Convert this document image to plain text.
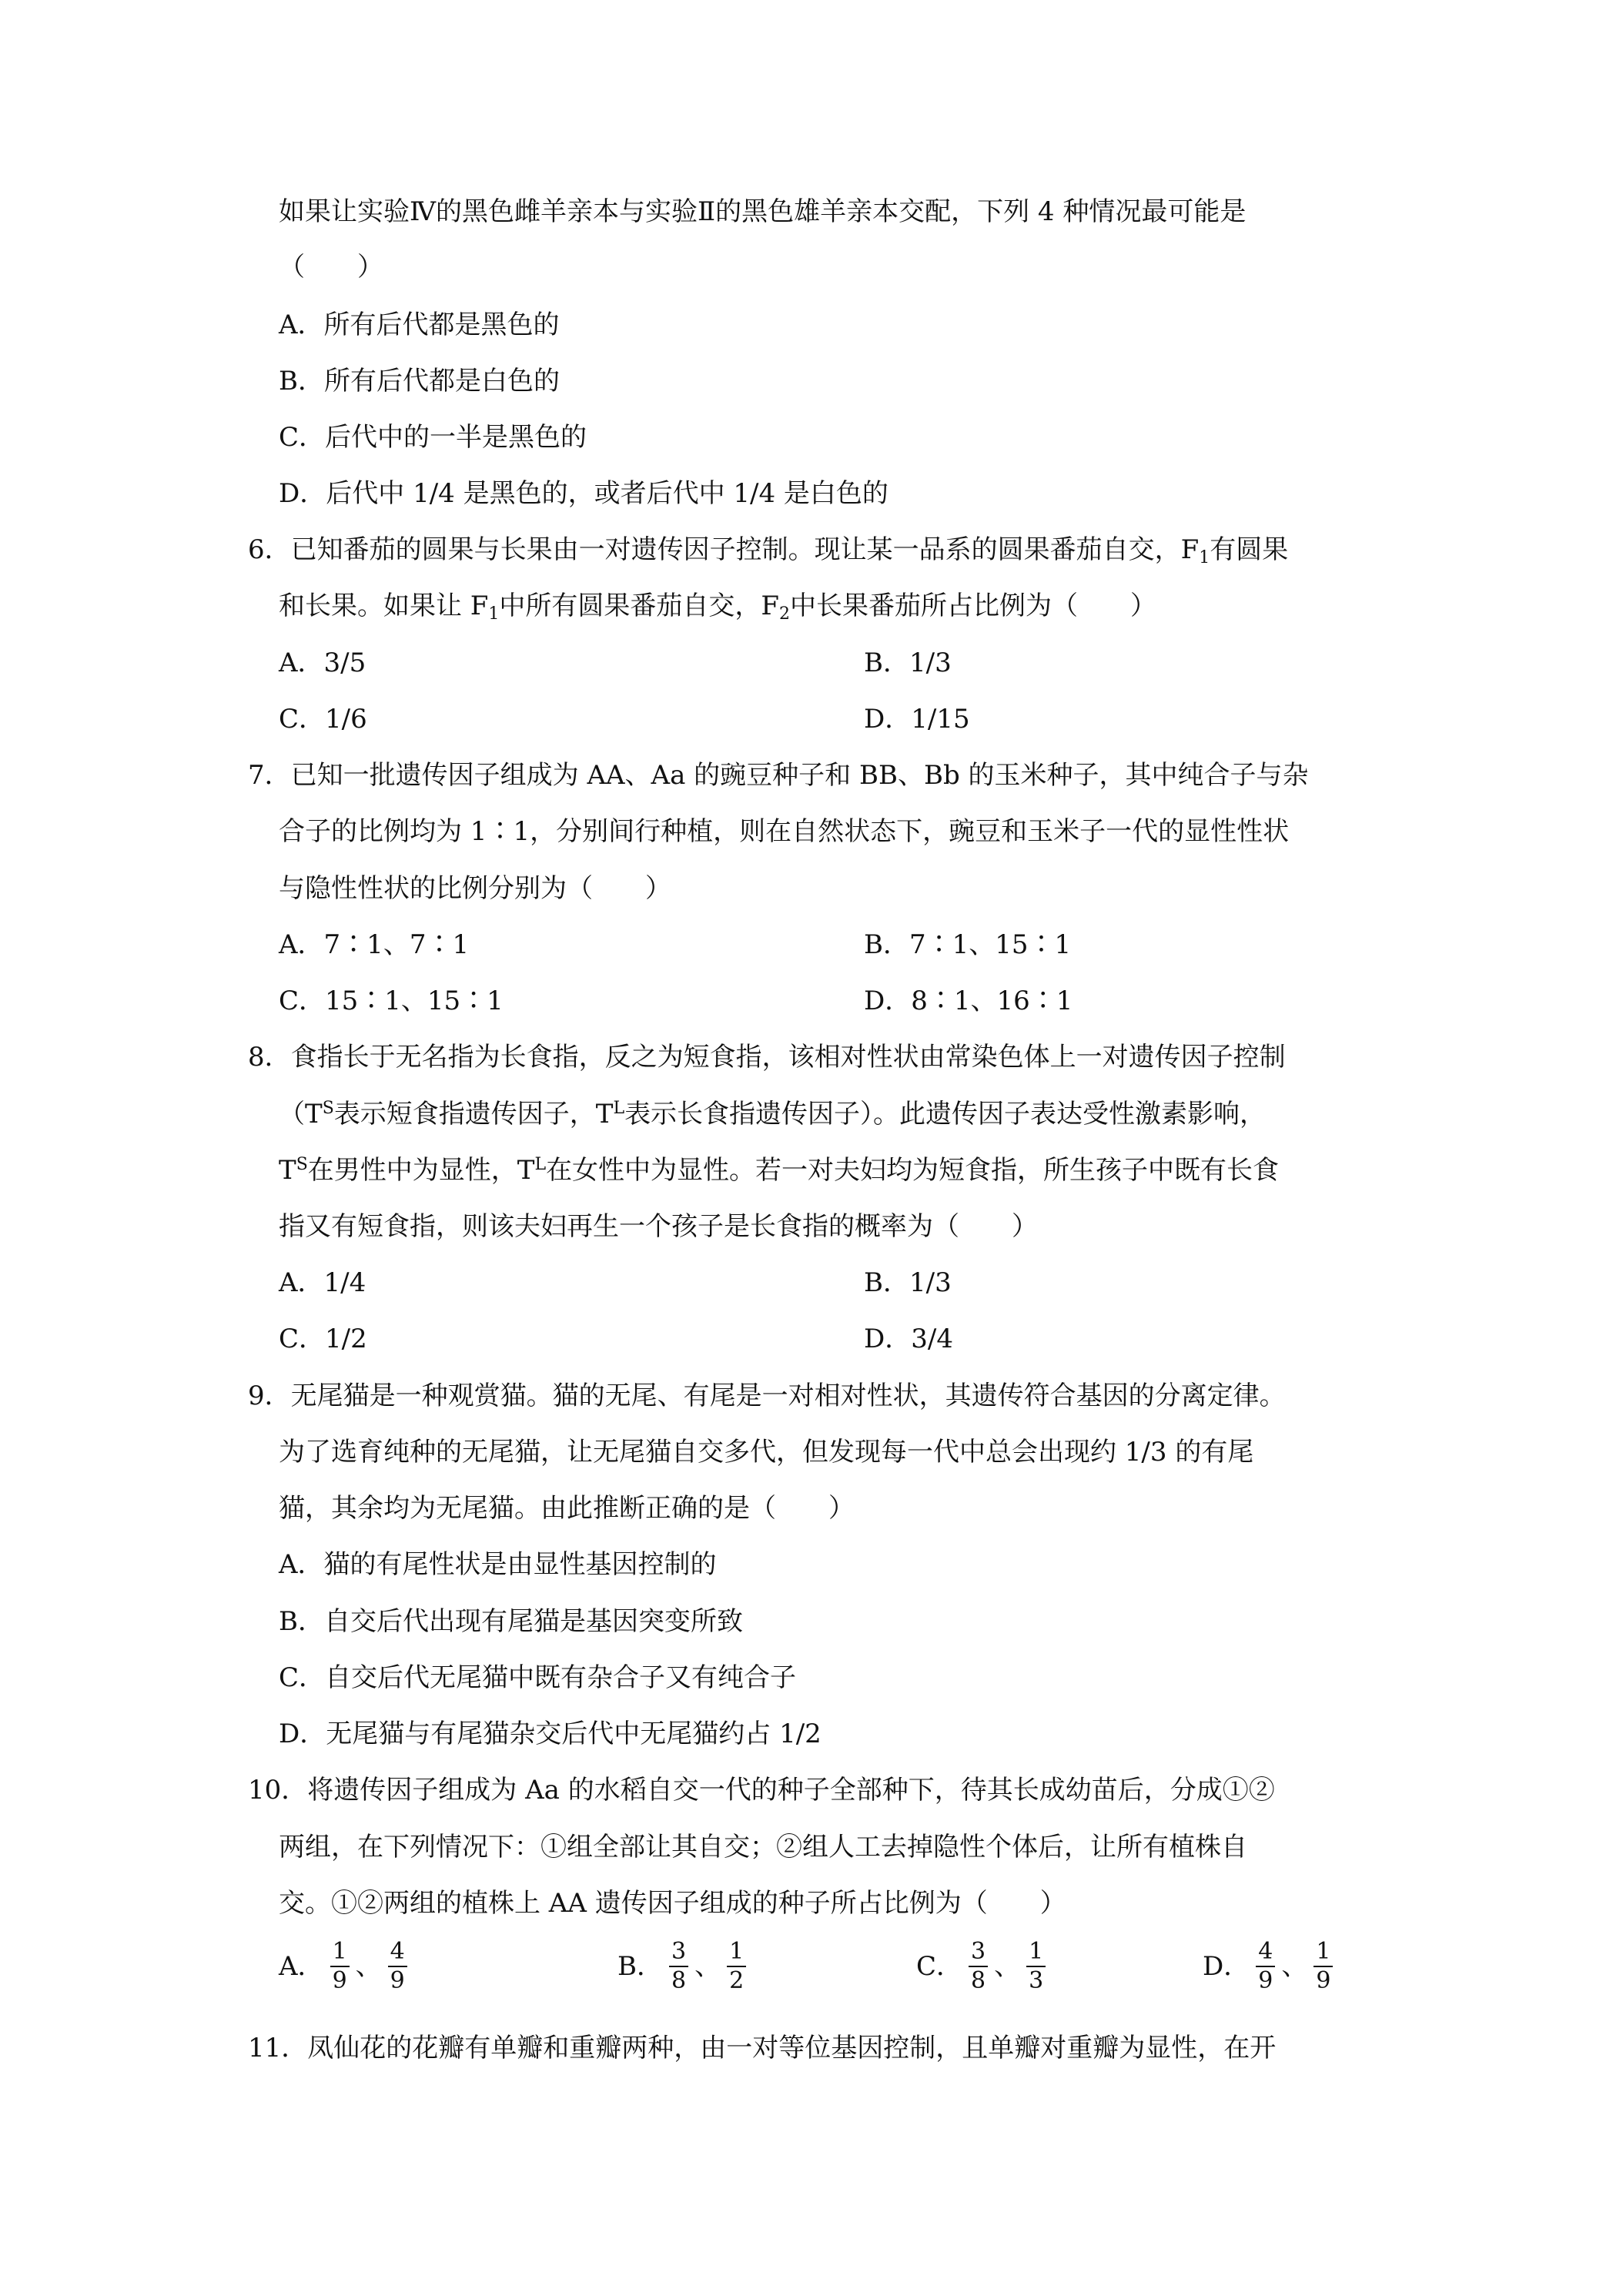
如果让实验Ⅳ的黑色雌羊亲本与实验Ⅱ的黑色雄羊亲本交配，下列 4 种情况最可能是
（　　）
A．所有后代都是黑色的
B．所有后代都是白色的
C．后代中的一半是黑色的
D．后代中 1/4 是黑色的，或者后代中 1/4 是白色的
6．已知番茄的圆果与长果由一对遗传因子控制。现让某一品系的圆果番茄自交，$F_1$有圆果
和长果。如果让 $F_1$中所有圆果番茄自交，$F_2$中长果番茄所占比例为（　　）
A．3/5	B．1/3
C．1/6	D．1/15
7．已知一批遗传因子组成为 AA、Aa 的豌豆种子和 BB、Bb 的玉米种子，其中纯合子与杂
合子的比例均为 1∶1，分别间行种植，则在自然状态下，豌豆和玉米子一代的显性性状
与隐性性状的比例分别为（　　）
A．7∶1、7∶1	B．7∶1、15∶1
C．15∶1、15∶1	D．8∶1、16∶1
8．食指长于无名指为长食指，反之为短食指，该相对性状由常染色体上一对遗传因子控制
（$T^S$表示短食指遗传因子，$T^L$表示长食指遗传因子）。此遗传因子表达受性激素影响，
$T^S$在男性中为显性，$T^L$在女性中为显性。若一对夫妇均为短食指，所生孩子中既有长食
指又有短食指，则该夫妇再生一个孩子是长食指的概率为（　　）
A．1/4	B．1/3
C．1/2	D．3/4
9．无尾猫是一种观赏猫。猫的无尾、有尾是一对相对性状，其遗传符合基因的分离定律。
为了选育纯种的无尾猫，让无尾猫自交多代，但发现每一代中总会出现约 1/3 的有尾
猫，其余均为无尾猫。由此推断正确的是（　　）
A．猫的有尾性状是由显性基因控制的
B．自交后代出现有尾猫是基因突变所致
C．自交后代无尾猫中既有杂合子又有纯合子
D．无尾猫与有尾猫杂交后代中无尾猫约占 1/2
10．将遗传因子组成为 Aa 的水稻自交一代的种子全部种下，待其长成幼苗后，分成①②
两组，在下列情况下：①组全部让其自交；②组人工去掉隐性个体后，让所有植株自
交。①②两组的植株上 AA 遗传因子组成的种子所占比例为（　　）
A． $\frac{1}{9}$ 、 $\frac{4}{9}$	B． $\frac{3}{8}$ 、 $\frac{1}{2}$	C． $\frac{3}{8}$ 、 $\frac{1}{3}$	D． $\frac{4}{9}$ 、 $\frac{1}{9}$
11．凤仙花的花瓣有单瓣和重瓣两种，由一对等位基因控制，且单瓣对重瓣为显性，在开
